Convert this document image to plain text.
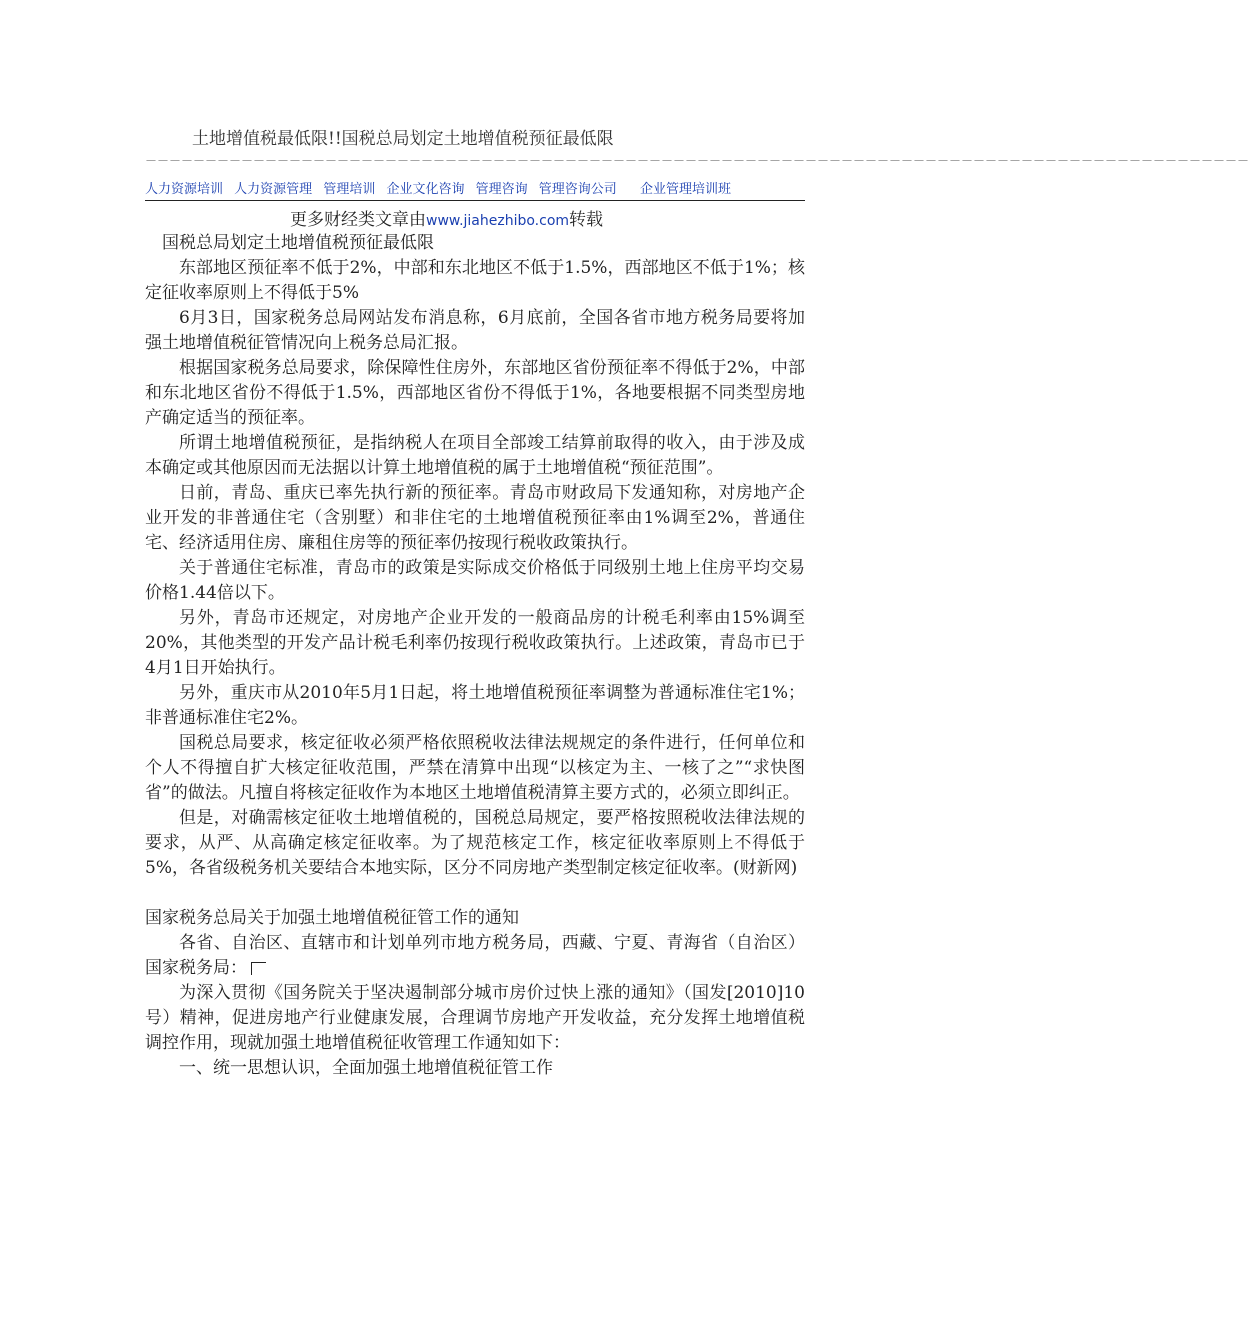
土地增值税最低限!!国税总局划定土地增值税预征最低限
－－－－－－－－－－－－－－－－－－－－－－－－－－－－－－－－－－－－－－－－－－－－－－－－－－－－－－－－－－－－－－－－－－－－－－－－－－－－－－－－－－－－－－－－－－－－
人力资源培训 人力资源管理 管理培训 企业文化咨询 管理咨询 管理咨询公司 企业管理培训班
更多财经类文章由www.jiahezhibo.com转载

国税总局划定土地增值税预征最低限

东部地区预征率不低于2%，中部和东北地区不低于1.5%，西部地区不低于1%；核定征收率原则上不得低于5%

6月3日，国家税务总局网站发布消息称，6月底前，全国各省市地方税务局要将加强土地增值税征管情况向上税务总局汇报。

根据国家税务总局要求，除保障性住房外，东部地区省份预征率不得低于2%，中部和东北地区省份不得低于1.5%，西部地区省份不得低于1%，各地要根据不同类型房地产确定适当的预征率。

所谓土地增值税预征，是指纳税人在项目全部竣工结算前取得的收入，由于涉及成本确定或其他原因而无法据以计算土地增值税的属于土地增值税“预征范围”。

日前，青岛、重庆已率先执行新的预征率。青岛市财政局下发通知称，对房地产企业开发的非普通住宅（含别墅）和非住宅的土地增值税预征率由1%调至2%，普通住宅、经济适用住房、廉租住房等的预征率仍按现行税收政策执行。

关于普通住宅标准，青岛市的政策是实际成交价格低于同级别土地上住房平均交易价格1.44倍以下。

另外，青岛市还规定，对房地产企业开发的一般商品房的计税毛利率由15%调至20%，其他类型的开发产品计税毛利率仍按现行税收政策执行。上述政策，青岛市已于4月1日开始执行。

另外，重庆市从2010年5月1日起，将土地增值税预征率调整为普通标准住宅1%；非普通标准住宅2%。

国税总局要求，核定征收必须严格依照税收法律法规规定的条件进行，任何单位和个人不得擅自扩大核定征收范围，严禁在清算中出现“以核定为主、一核了之”“求快图省”的做法。凡擅自将核定征收作为本地区土地增值税清算主要方式的，必须立即纠正。

但是，对确需核定征收土地增值税的，国税总局规定，要严格按照税收法律法规的要求，从严、从高确定核定征收率。为了规范核定工作，核定征收率原则上不得低于5%，各省级税务机关要结合本地实际，区分不同房地产类型制定核定征收率。(财新网)

国家税务总局关于加强土地增值税征管工作的通知

各省、自治区、直辖市和计划单列市地方税务局，西藏、宁夏、青海省（自治区）国家税务局：

为深入贯彻《国务院关于坚决遏制部分城市房价过快上涨的通知》（国发[2010]10号）精神，促进房地产行业健康发展，合理调节房地产开发收益，充分发挥土地增值税调控作用，现就加强土地增值税征收管理工作通知如下：

一、统一思想认识，全面加强土地增值税征管工作
